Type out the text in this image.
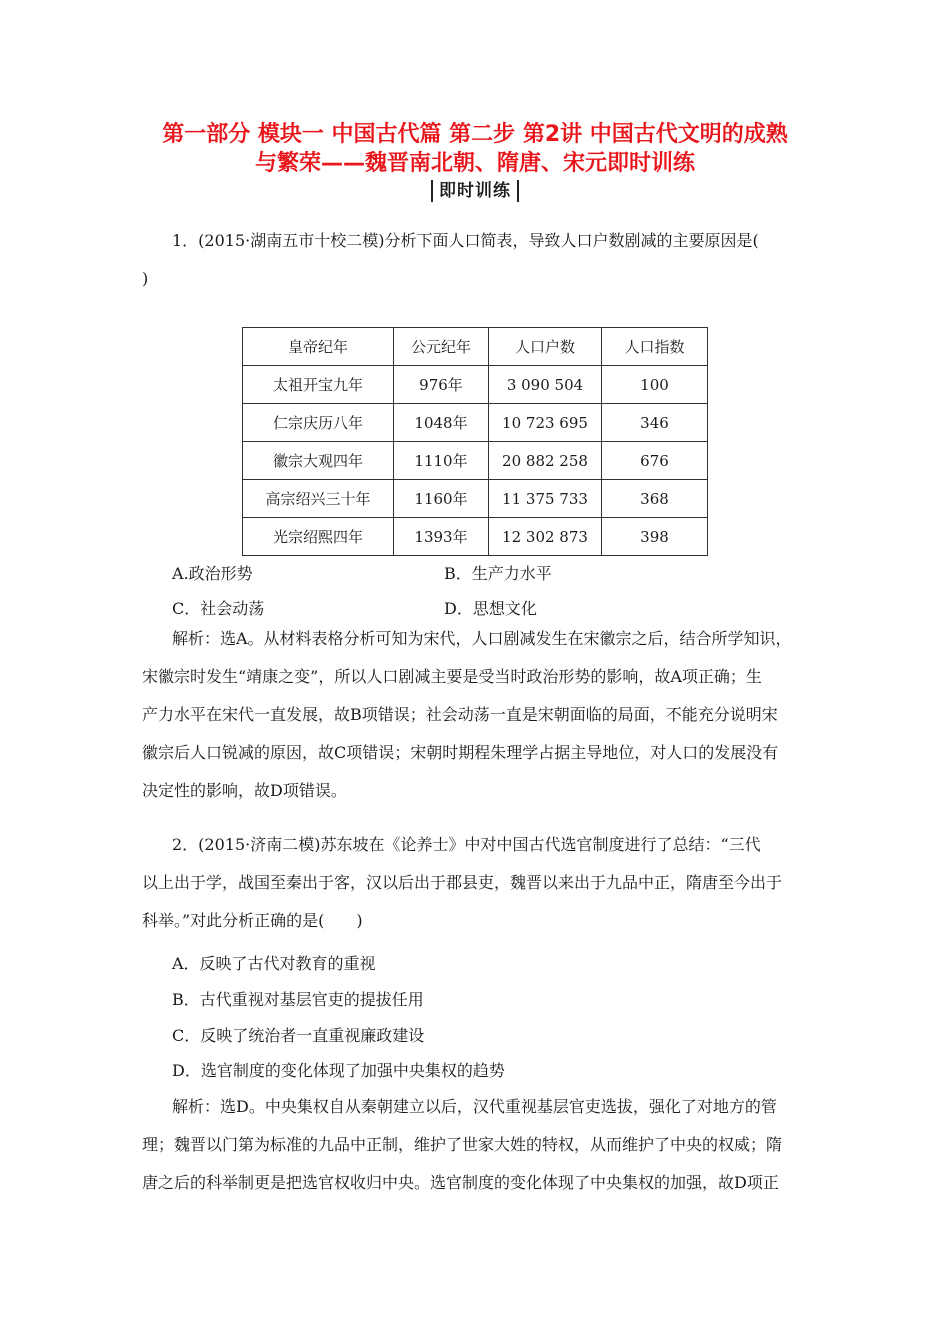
第一部分 模块一 中国古代篇 第二步 第2讲 中国古代文明的成熟
与繁荣——魏晋南北朝、隋唐、宋元即时训练
即时训练
1．(2015·湖南五市十校二模)分析下面人口简表，导致人口户数剧减的主要原因是(
)
皇帝纪年	公元纪年	人口户数	人口指数
太祖开宝九年	976年	3 090 504	100
仁宗庆历八年	1048年	10 723 695	346
徽宗大观四年	1110年	20 882 258	676
高宗绍兴三十年	1160年	11 375 733	368
光宗绍熙四年	1393年	12 302 873	398
A.政治形势	B．生产力水平
C．社会动荡	D．思想文化
解析：选A。从材料表格分析可知为宋代，人口剧减发生在宋徽宗之后，结合所学知识，
宋徽宗时发生“靖康之变”，所以人口剧减主要是受当时政治形势的影响，故A项正确；生
产力水平在宋代一直发展，故B项错误；社会动荡一直是宋朝面临的局面，不能充分说明宋
徽宗后人口锐减的原因，故C项错误；宋朝时期程朱理学占据主导地位，对人口的发展没有
决定性的影响，故D项错误。
2．(2015·济南二模)苏东坡在《论养士》中对中国古代选官制度进行了总结：“三代
以上出于学，战国至秦出于客，汉以后出于郡县吏，魏晋以来出于九品中正，隋唐至今出于
科举。”对此分析正确的是(　　)
A．反映了古代对教育的重视
B．古代重视对基层官吏的提拔任用
C．反映了统治者一直重视廉政建设
D．选官制度的变化体现了加强中央集权的趋势
解析：选D。中央集权自从秦朝建立以后，汉代重视基层官吏选拔，强化了对地方的管
理；魏晋以门第为标准的九品中正制，维护了世家大姓的特权，从而维护了中央的权威；隋
唐之后的科举制更是把选官权收归中央。选官制度的变化体现了中央集权的加强，故D项正
